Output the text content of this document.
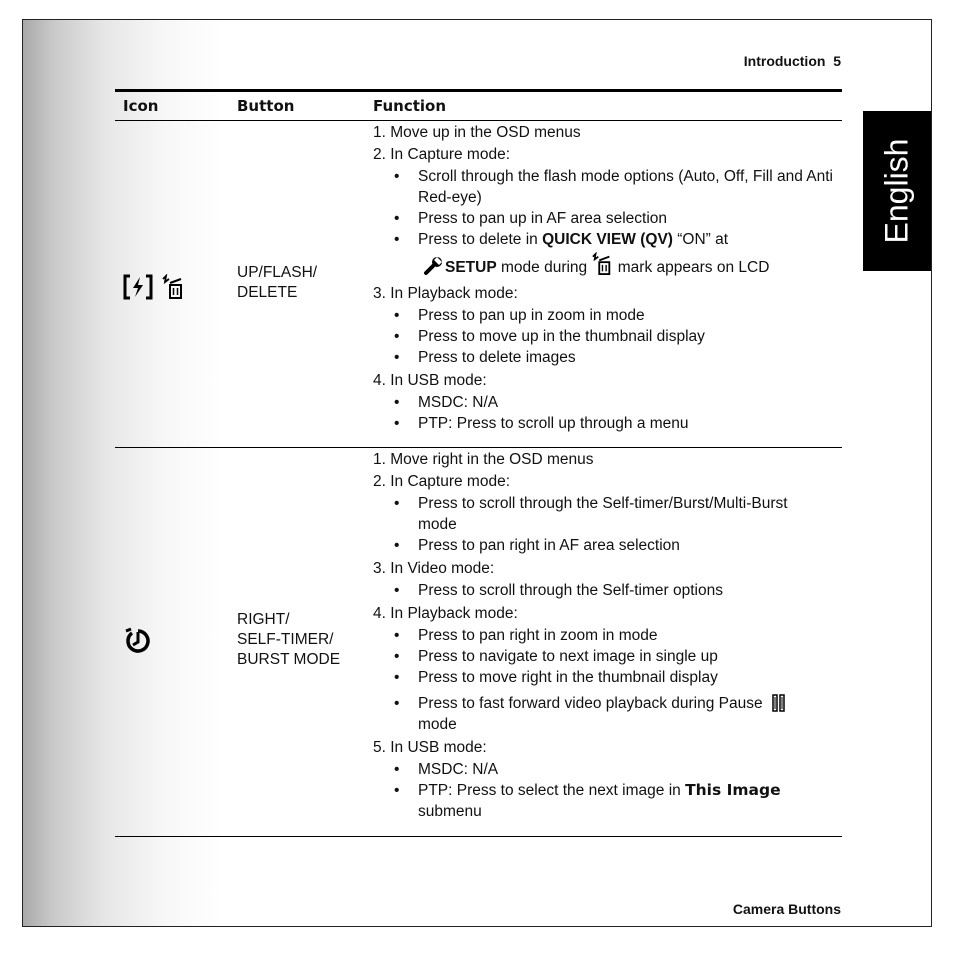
English
Introduction  5
Icon	Button	Function

UP/FLASH/
DELETE
1. Move up in the OSD menus
2. In Capture mode:
• Scroll through the flash mode options (Auto, Off, Fill and Anti Red-eye)
• Press to pan up in AF area selection
• Press to delete in QUICK VIEW (QV) “ON” at
SETUP mode during  mark appears on LCD
3. In Playback mode:
• Press to pan up in zoom in mode
• Press to move up in the thumbnail display
• Press to delete images
4. In USB mode:
• MSDC: N/A
• PTP: Press to scroll up through a menu
RIGHT/
SELF-TIMER/
BURST MODE
1. Move right in the OSD menus
2. In Capture mode:
• Press to scroll through the Self-timer/Burst/Multi-Burst mode
• Press to pan right in AF area selection
3. In Video mode:
• Press to scroll through the Self-timer options
4. In Playback mode:
• Press to pan right in zoom in mode
• Press to navigate to next image in single up
• Press to move right in the thumbnail display
• Press to fast forward video playback during Pause
mode
5. In USB mode:
• MSDC: N/A
• PTP: Press to select the next image in This Image
submenu
Camera Buttons
